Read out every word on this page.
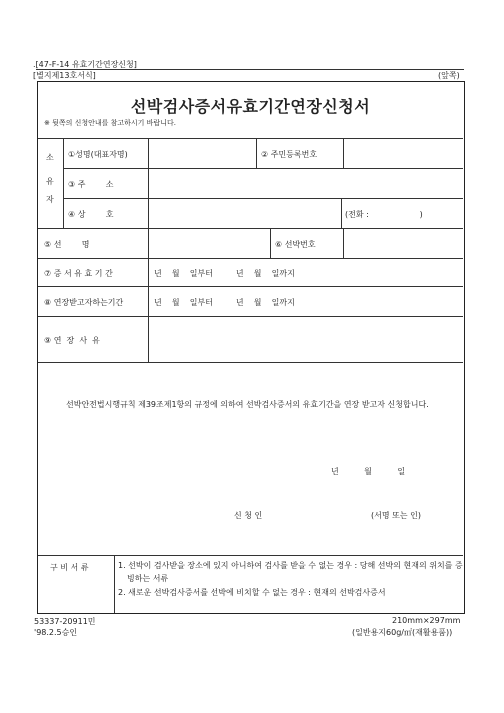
.[47-F-14 유효기간연장신청]
[별지제13호서식]	(앞쪽)
선박검사증서유효기간연장신청서
※ 뒷쪽의 신청안내를 참고하시기 바랍니다.
소
유
자
①성명(대표자명)	② 주민등록번호
③ 주        소
④ 상        호	(전화 :                    )
⑤ 선        명	⑥ 선박번호
⑦ 증 서 유 효 기 간	년    월    일부터         년    월    일까지
⑧ 연장받고자하는기간	년    월    일부터         년    월    일까지
⑨ 연  장  사  유
선박안전법시행규칙 제39조제1항의 규정에 의하여 선박검사증서의 유효기간을 연장 받고자 신청합니다.
년          월          일
신 청 인	(서명 또는 인)
구 비 서 류	1. 선박이 검사받을 장소에 있지 아니하여 검사를 받을 수 없는 경우 : 당해 선박의 현재의 위치를 증빙하는 서류
2. 새로운 선박검사증서를 선박에 비치할 수 없는 경우 : 현재의 선박검사증서
53337-20911민
'98.2.5승인
210mm×297mm
(일반용지60g/㎡(재활용품))
